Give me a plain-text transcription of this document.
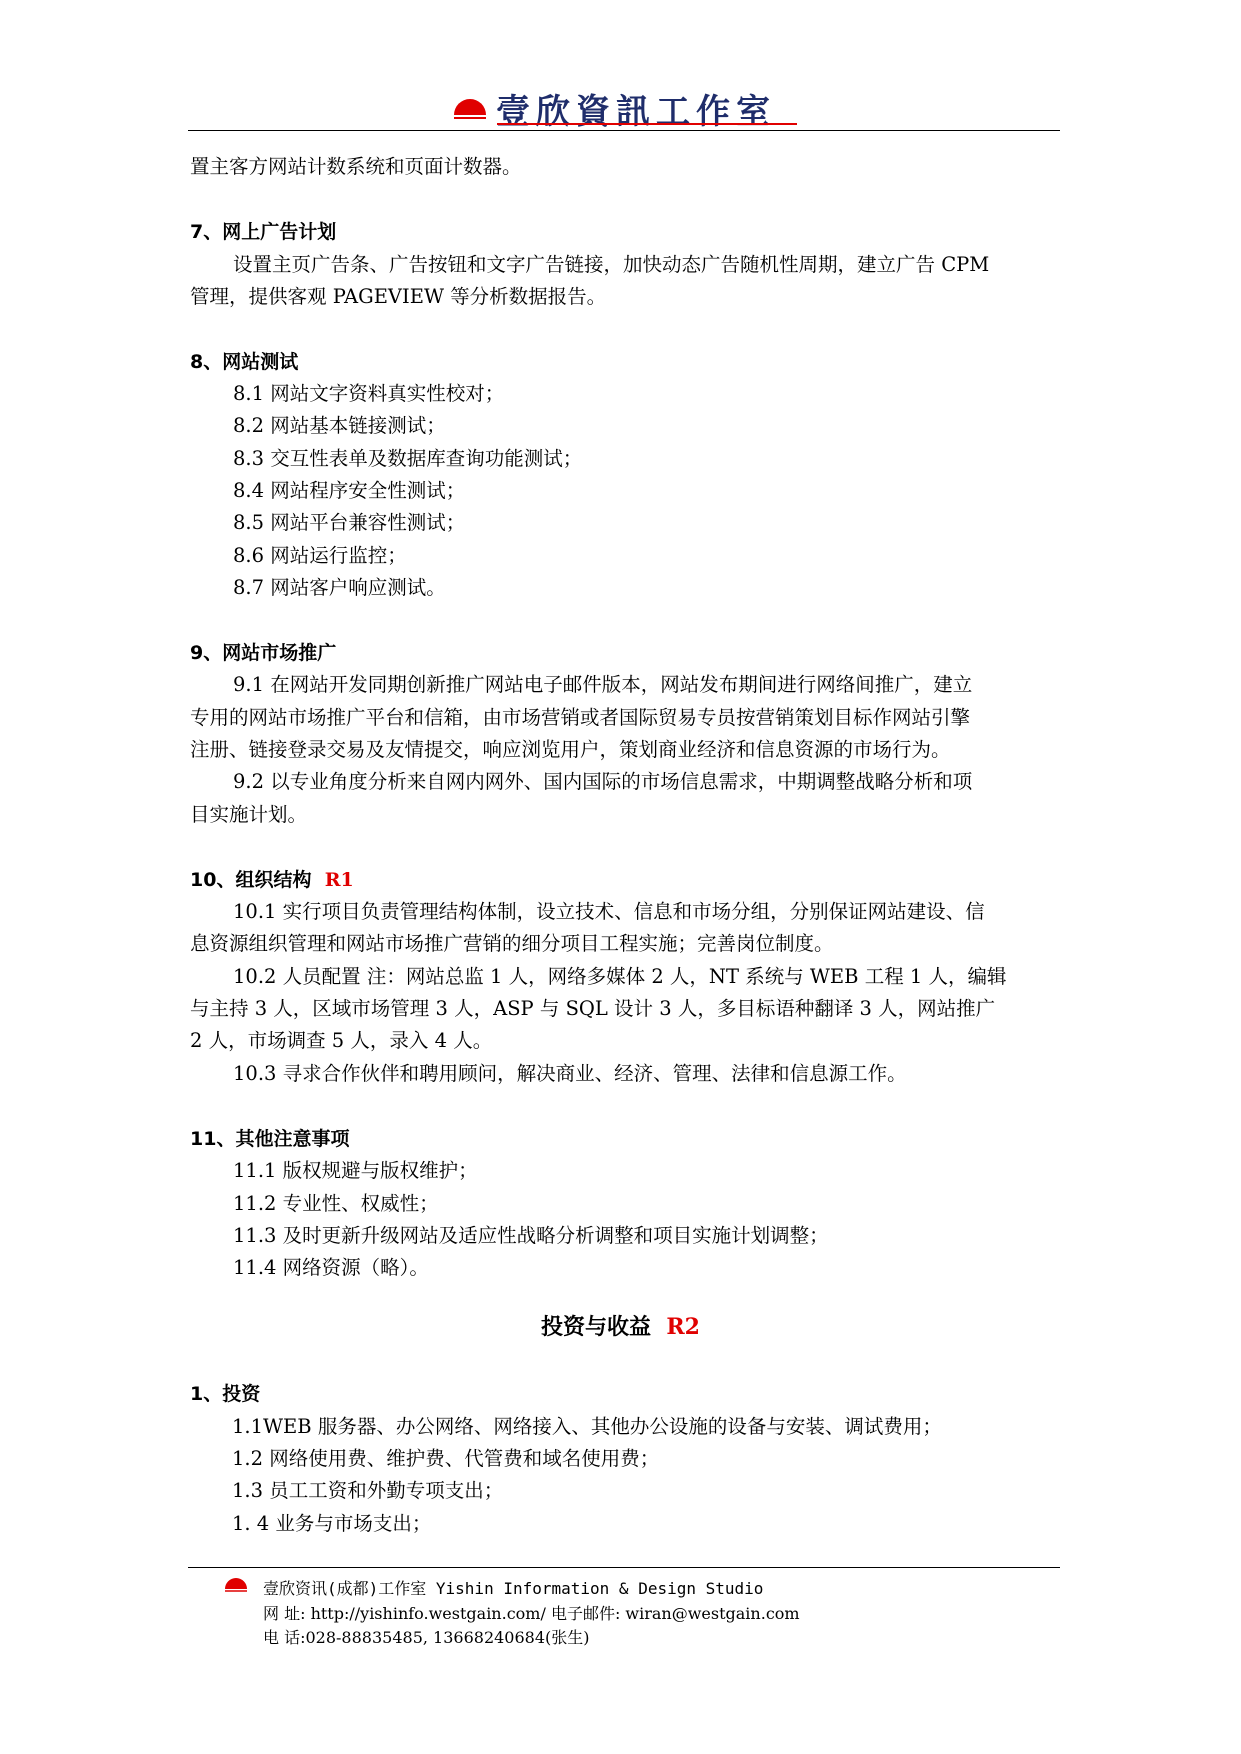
壹欣資訊工作室
置主客方网站计数系统和页面计数器。
7、网上广告计划
设置主页广告条、广告按钮和文字广告链接，加快动态广告随机性周期，建立广告 CPM
管理，提供客观 PAGEVIEW 等分析数据报告。
8、网站测试
8.1 网站文字资料真实性校对；
8.2 网站基本链接测试；
8.3 交互性表单及数据库查询功能测试；
8.4 网站程序安全性测试；
8.5 网站平台兼容性测试；
8.6 网站运行监控；
8.7 网站客户响应测试。
9、网站市场推广
9.1 在网站开发同期创新推广网站电子邮件版本，网站发布期间进行网络间推广，建立
专用的网站市场推广平台和信箱，由市场营销或者国际贸易专员按营销策划目标作网站引擎
注册、链接登录交易及友情提交，响应浏览用户，策划商业经济和信息资源的市场行为。
9.2 以专业角度分析来自网内网外、国内国际的市场信息需求，中期调整战略分析和项
目实施计划。
10、组织结构 R1
10.1 实行项目负责管理结构体制，设立技术、信息和市场分组，分别保证网站建设、信
息资源组织管理和网站市场推广营销的细分项目工程实施；完善岗位制度。
10.2 人员配置 注：网站总监 1 人，网络多媒体 2 人，NT 系统与 WEB 工程 1 人，编辑
与主持 3 人，区域市场管理 3 人，ASP 与 SQL 设计 3 人，多目标语种翻译 3 人，网站推广
2 人，市场调查 5 人，录入 4 人。
10.3 寻求合作伙伴和聘用顾问，解决商业、经济、管理、法律和信息源工作。
11、其他注意事项
11.1 版权规避与版权维护；
11.2 专业性、权威性；
11.3 及时更新升级网站及适应性战略分析调整和项目实施计划调整；
11.4 网络资源（略）。
投资与收益 R2
1、投资
1.1WEB 服务器、办公网络、网络接入、其他办公设施的设备与安装、调试费用；
1.2 网络使用费、维护费、代管费和域名使用费；
1.3 员工工资和外勤专项支出；
1. 4 业务与市场支出；
壹欣资讯(成都)工作室 Yishin Information & Design Studio
网 址: http://yishinfo.westgain.com/ 电子邮件: wiran@westgain.com
电 话:028-88835485, 13668240684(张生)
